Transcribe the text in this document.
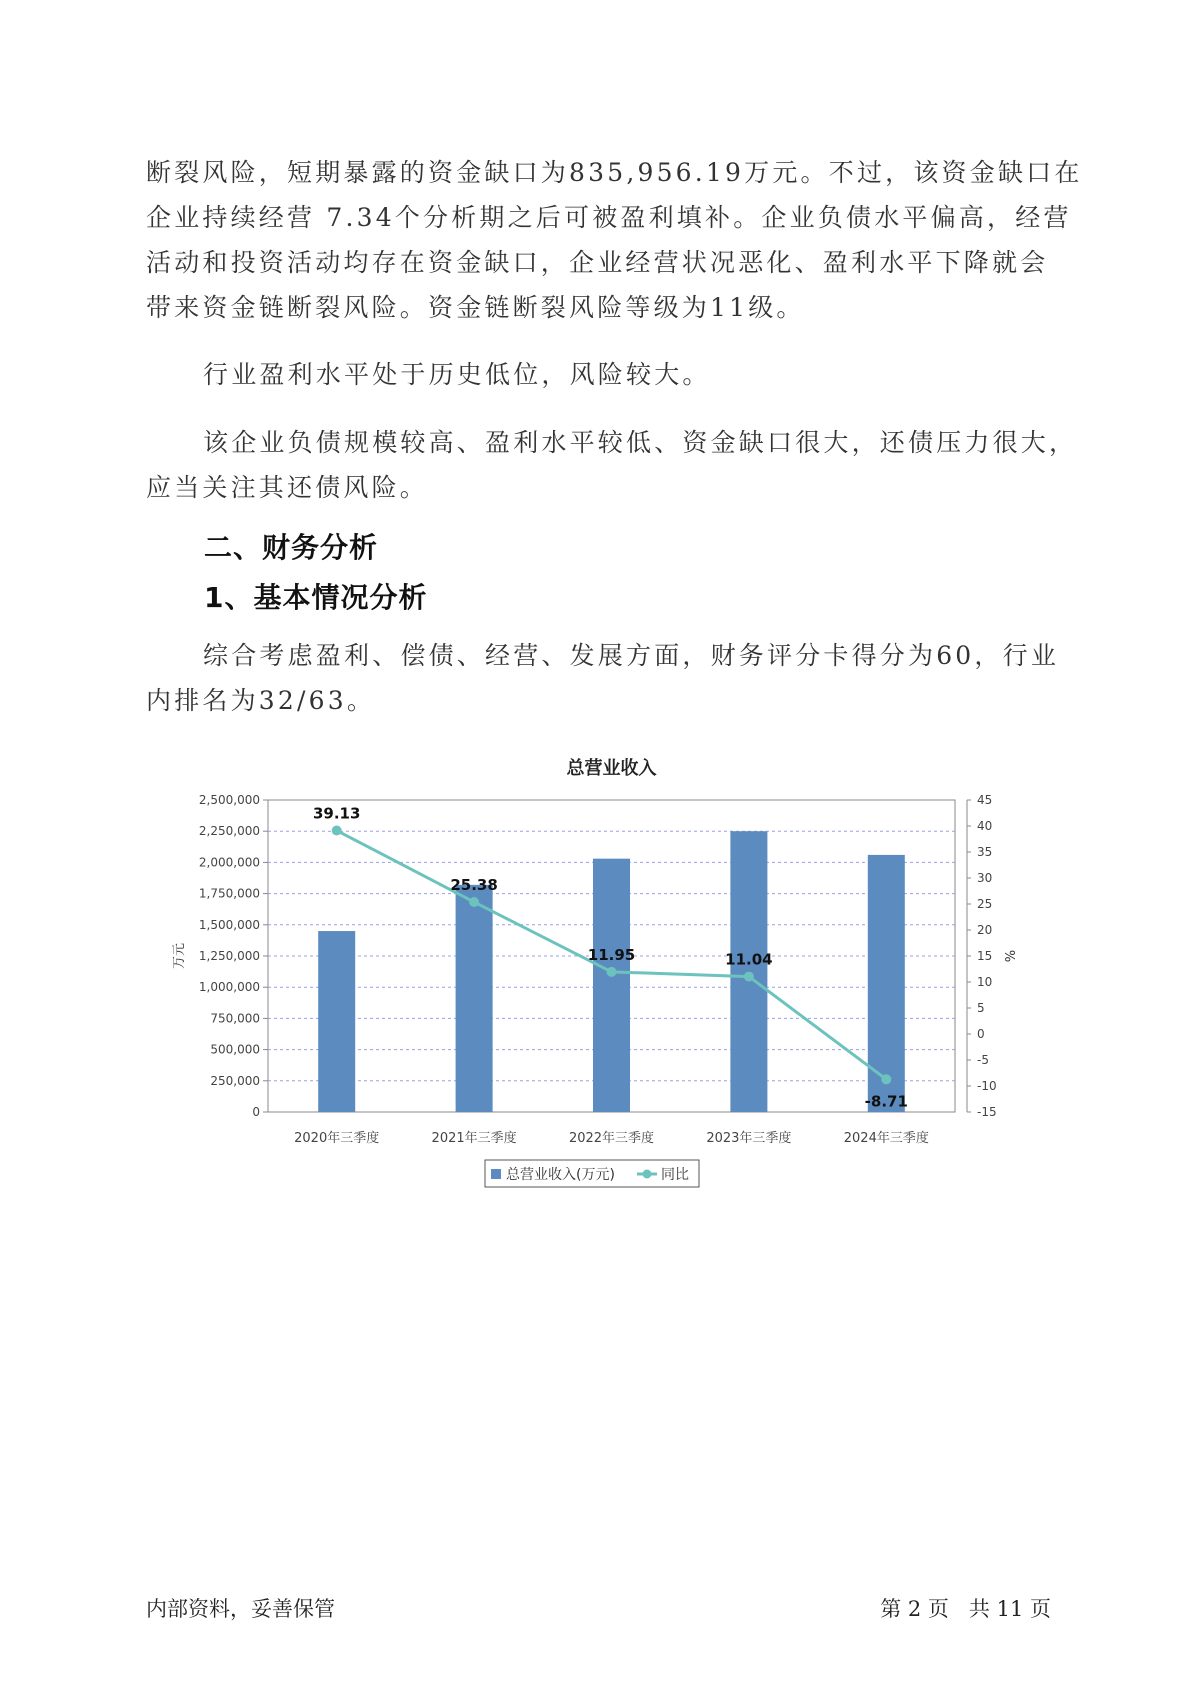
断裂风险，短期暴露的资金缺口为835,956.19万元。不过，该资金缺口在
企业持续经营 7.34个分析期之后可被盈利填补。企业负债水平偏高，经营
活动和投资活动均存在资金缺口，企业经营状况恶化、盈利水平下降就会
带来资金链断裂风险。资金链断裂风险等级为11级。
行业盈利水平处于历史低位，风险较大。
该企业负债规模较高、盈利水平较低、资金缺口很大，还债压力很大，
应当关注其还债风险。
二、财务分析
1、基本情况分析
综合考虑盈利、偿债、经营、发展方面，财务评分卡得分为60，行业
内排名为32/63。
总营业收入
0
250,000
500,000
750,000
1,000,000
1,250,000
1,500,000
1,750,000
2,000,000
2,250,000
2,500,000
-15
-10
-5
0
5
10
15
20
25
30
35
40
45
万元	%
2020年三季度	2021年三季度	2022年三季度	2023年三季度	2024年三季度
39.13
25.38
11.95	11.04
-8.71
总营业收入(万元)	同比
内部资料，妥善保管	第 2 页   共 11 页
